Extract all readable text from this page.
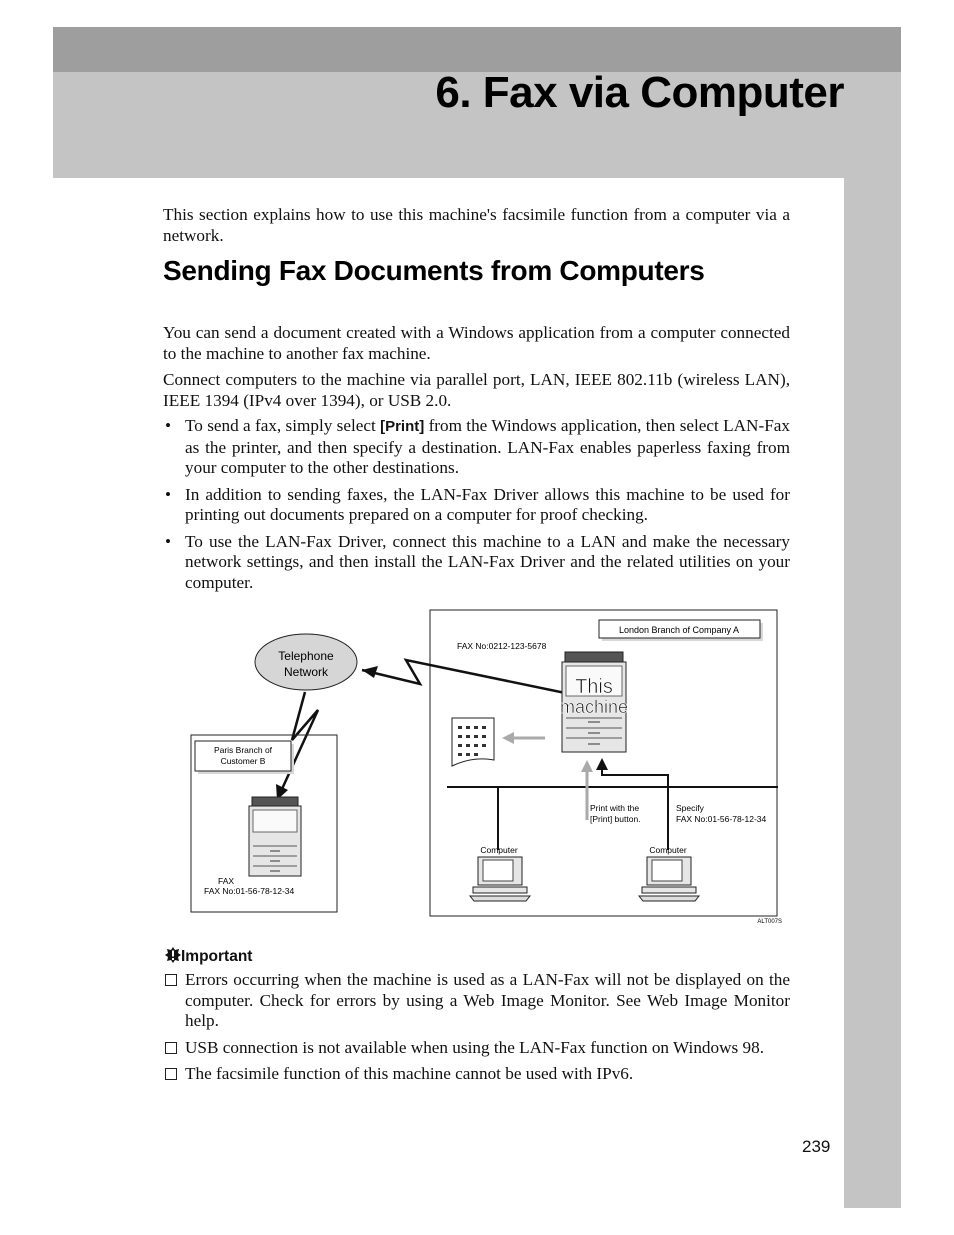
6. Fax via Computer

This section explains how to use this machine's facsimile function from a computer via a network.

Sending Fax Documents from Computers

You can send a document created with a Windows application from a computer connected to the machine to another fax machine.

Connect computers to the machine via parallel port, LAN, IEEE 802.11b (wireless LAN), IEEE 1394 (IPv4 over 1394), or USB 2.0.

• To send a fax, simply select [Print] from the Windows application, then select LAN-Fax as the printer, and then specify a destination. LAN-Fax enables paperless faxing from your computer to the other destinations.
• In addition to sending faxes, the LAN-Fax Driver allows this machine to be used for printing out documents prepared on a computer for proof checking.
• To use the LAN-Fax Driver, connect this machine to a LAN and make the necessary network settings, and then install the LAN-Fax Driver and the related utilities on your computer.
London Branch of Company A
FAX No:0212-123-5678
Telephone
Network
This
machine
Print with the
[Print] button.
Specify
FAX No:01-56-78-12-34
Computer	Computer
Paris Branch of
Customer B
FAX
FAX No:01-56-78-12-34
ALT007S
Important
Errors occurring when the machine is used as a LAN-Fax will not be displayed on the computer. Check for errors by using a Web Image Monitor. See Web Image Monitor help.
USB connection is not available when using the LAN-Fax function on Windows 98.
The facsimile function of this machine cannot be used with IPv6.
239
